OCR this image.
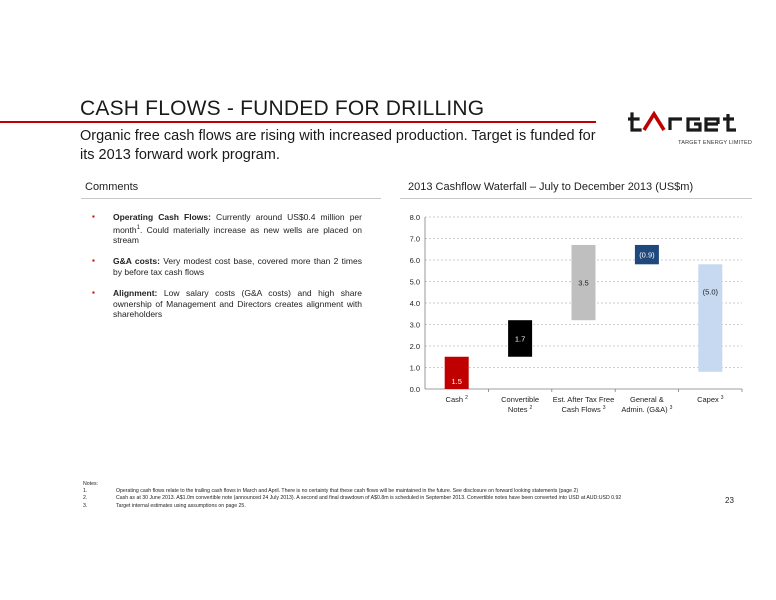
CASH FLOWS - FUNDED FOR DRILLING
Organic free cash flows are rising with increased production. Target is funded for its 2013 forward work program.
TARGET ENERGY LIMITED
Comments
▪ Operating Cash Flows: Currently around US$0.4 million per month$^1$. Could materially increase as new wells are placed on stream
▪ G&A costs: Very modest cost base, covered more than 2 times by before tax cash flows
▪ Alignment: Low salary costs (G&A costs) and high share ownership of Management and Directors creates alignment with shareholders
2013 Cashflow Waterfall – July to December 2013 (US$m)
0.0
1.0
2.0
3.0
4.0
5.0
6.0
7.0
8.0
1.5
Cash $^2$
1.7
Convertible
Notes $^2$
3.5
Est. After Tax Free
Cash Flows $^3$
(0.9)
General &
Admin. (G&A) $^3$
(5.0)
Capex $^3$
Notes:
1.	Operating cash flows relate to the trailing cash flows in March and April. There is no certainty that these cash flows will be maintained in the future. See disclosure on forward looking statements (page 2)
2.	Cash as at 30 June 2013. A$1.0m convertible note (announced 24 July 2013). A second and final drawdown of A$0.8m is scheduled in September 2013. Convertible notes have been converted into USD at AUD:USD 0.92
3.	Target internal estimates using assumptions on page 25.
23
